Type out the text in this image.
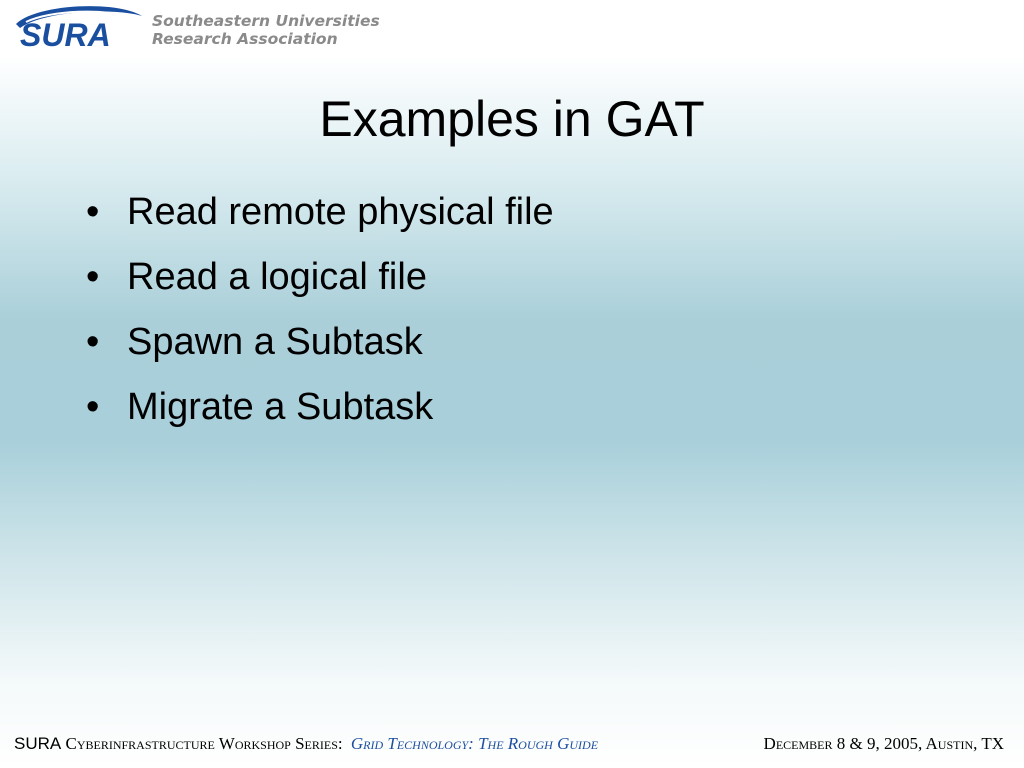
SURA	Southeastern Universities
Research Association
Examples in GAT
• Read remote physical file
• Read a logical file
• Spawn a Subtask
• Migrate a Subtask
SURA Cyberinfrastructure Workshop Series: Grid Technology: The Rough Guide	December 8 & 9, 2005, Austin, TX
